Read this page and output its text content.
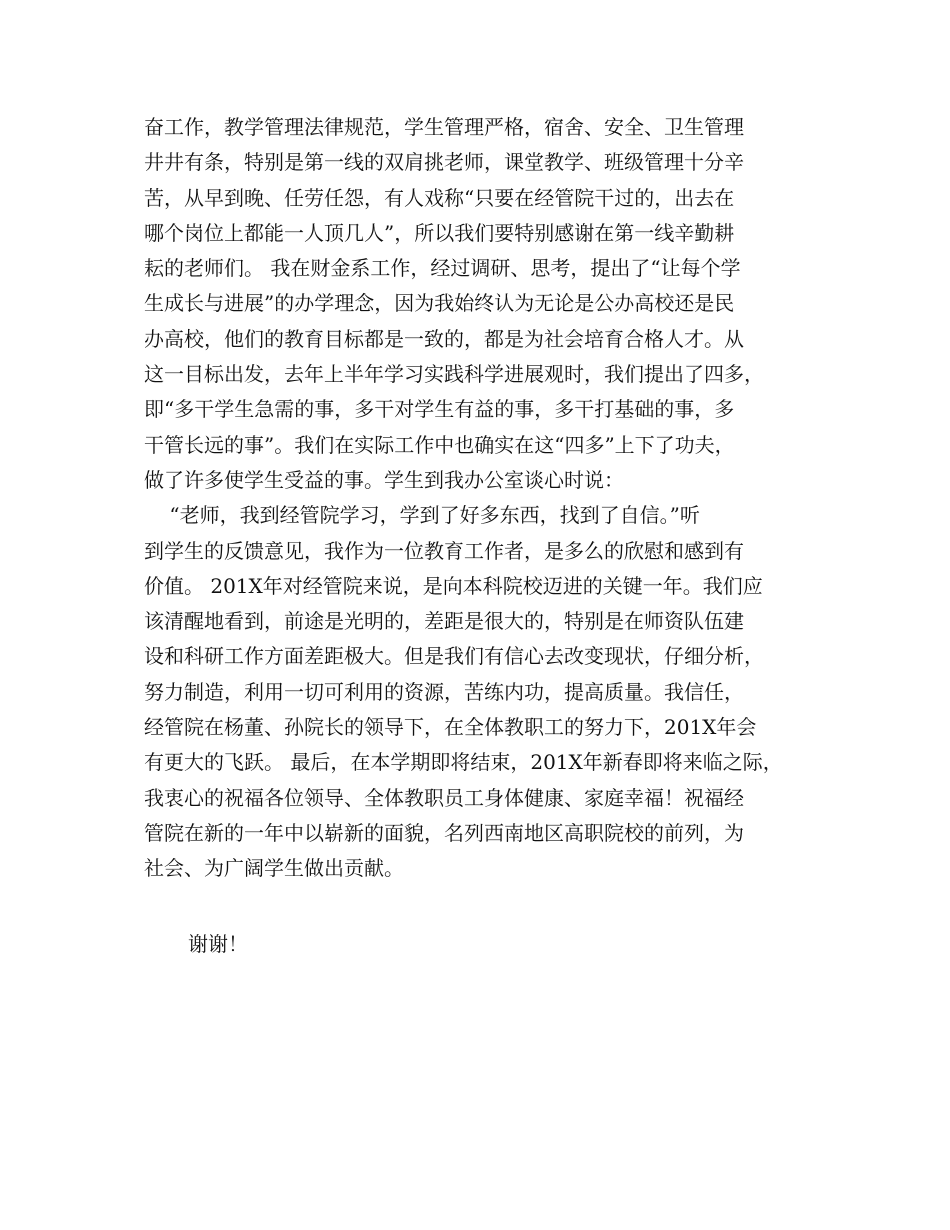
奋工作，教学管理法律规范，学生管理严格，宿舍、安全、卫生管理
井井有条，特别是第一线的双肩挑老师，课堂教学、班级管理十分辛
苦，从早到晚、任劳任怨，有人戏称“只要在经管院干过的，出去在
哪个岗位上都能一人顶几人”，所以我们要特别感谢在第一线辛勤耕
耘的老师们。 我在财金系工作，经过调研、思考，提出了“让每个学
生成长与进展”的办学理念，因为我始终认为无论是公办高校还是民
办高校，他们的教育目标都是一致的，都是为社会培育合格人才。从
这一目标出发，去年上半年学习实践科学进展观时，我们提出了四多，
即“多干学生急需的事，多干对学生有益的事，多干打基础的事，多
干管长远的事”。我们在实际工作中也确实在这“四多”上下了功夫，
做了许多使学生受益的事。学生到我办公室谈心时说：
“老师，我到经管院学习，学到了好多东西，找到了自信。”听
到学生的反馈意见，我作为一位教育工作者，是多么的欣慰和感到有
价值。 201X年对经管院来说，是向本科院校迈进的关键一年。我们应
该清醒地看到，前途是光明的，差距是很大的，特别是在师资队伍建
设和科研工作方面差距极大。但是我们有信心去改变现状，仔细分析，
努力制造，利用一切可利用的资源，苦练内功，提高质量。我信任，
经管院在杨董、孙院长的领导下，在全体教职工的努力下，201X年会
有更大的飞跃。 最后，在本学期即将结束，201X年新春即将来临之际，
我衷心的祝福各位领导、全体教职员工身体健康、家庭幸福！祝福经
管院在新的一年中以崭新的面貌，名列西南地区高职院校的前列，为
社会、为广阔学生做出贡献。
谢谢！
